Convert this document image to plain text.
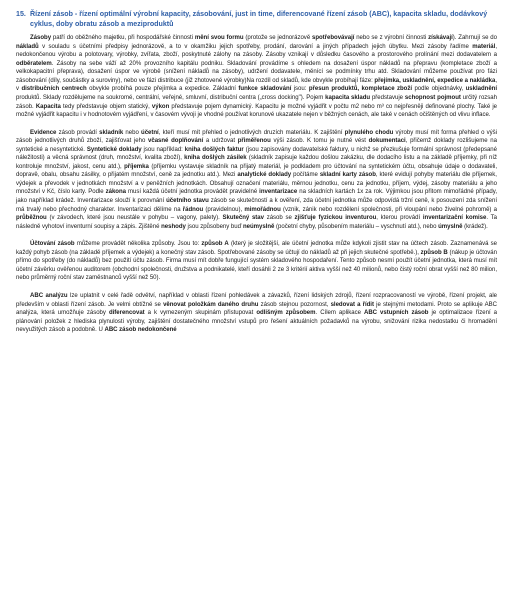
15. Řízení zásob - řízení optimální výrobní kapacity, zásobování, just in time, diferencované řízení zásob (ABC), kapacita skladu, dodávkový cyklus, doby obratu zásob a meziproduktů

Zásoby patří do oběžného majetku, při hospodářské činnosti mění svou formu (protože se jednorázově spotřebovávají nebo se z výrobní činnosti získávají). Zahrnují se do nákladů v souladu s účetními předpisy jednorázově, a to v okamžiku jejich spotřeby, prodání, darování a jiných případech jejich úbytku. Mezi zásoby řadíme materiál, nedokončenou výrobu a polotovary, výrobky, zvířata, zboží, poskytnuté zálohy na zásoby. Zásoby vznikají v důsledku časového a prostorového prolínání mezi dodavatelem a odběratelem. Zásoby na sebe váží až 20% provozního kapitálu podniku. Skladování provádíme s ohledem na dosažení úspor nákladů na přepravu (kompletace zboží a velkokapacitní přeprava), dosažení úspor ve výrobě (snížení nákladů na zásoby), udržení dodavatele, měnící se podmínky trhu atd. Skladování můžeme používat pro fázi zásobování (díly, součástky a suroviny), nebo ve fázi distribuce (již zhotovené výrobky)Na rozdíl od skladů, kde obvykle probíhají fáze: přejímka, uskladnění, expedice a nakládka, v distribučních centrech obvykle probíhá pouze přejímka a expedice. Základní funkce skladování jsou: přesun produktů, kompletace zboží podle objednávky, uskladnění produktů. Sklady rozdělujeme na soukromé, centrální, veřejné, smluvní, distribuční centra („cross docking"). Pojem kapacita skladu představuje schopnost pojmout určitý rozsah zásob. Kapacita tedy představuje objem statický, výkon představuje pojem dynamický. Kapacitu je možné vyjádřit v počtu m2 nebo m³ co nejpřesněji definované plochy. Také je možné vyjádřit kapacitu i v hodnotovém vyjádření, v časovém vývoji je vhodné používat korunové ukazatele nejen v běžných cenách, ale také v cenách očištěných od vlivu inflace.

Evidence zásob provádí skladník nebo účetní, kteří musí mít přehled o jednotlivých druzích materiálu. K zajištění plynulého chodu výroby musí mít forma přehled o výši zásob jednotlivých druhů zboží, zajišťovat jeho včasné doplňování a udržovat přiměřenou výši zásob. K tomu je nutné vést dokumentaci, přičemž doklady rozlišujeme na syntetické a nesyntetické. Syntetické doklady jsou například: kniha došlých faktur (jsou zapisovány dodavatelské faktury, u nichž se přezkušuje formální správnost (předepsané náležitosti) a věcná správnost (druh, množství, kvalita zboží), kniha došlých zásilek (skladník zapisuje každou došlou zakázku, dle dodacího listu a na základě příjemky, při níž kontroluje množství, jakost, cenu atd.), příjemka (příjemku vystavuje skladník na přijatý materiál, je podkladem pro účtování na syntetickém účtu, obsahuje údaje o dodavateli, dopravě, obalu, obsahu zásilky, o přijatém množství, ceně za jednotku atd.). Mezi analytické doklady počítáme skladní karty zásob, které evidují pohyby materiálu dle příjemek, výdejek a převodek v jednotkách množství a v peněžních jednotkách. Obsahují označení materiálu, měrnou jednotku, cenu za jednotku, příjem, výdej, zásoby materiálu a jeho množství v Kč, číslo karty. Podle zákona musí každá účetní jednotka provádět pravidelné inventarizace na skladních kartách 1x za rok. Výjimkou jsou přitom mimořádné případy, jako například krádež. Inventarizace slouží k porovnání účetního stavu zásob se skutečností a k ověření, zda účetní jednotka může odpovídá tržní ceně, k posouzení zda snížení má trvalý nebo přechodný charakter. Inventarizaci dělíme na řádnou (pravidelnou), mimořádnou (vznik, zánik nebo rozdělení společnosti, při vloupání nebo živelné pohromě) a průběžnou (v závodech, které jsou neustále v pohybu – vagony, palety). Skutečný stav zásob se zjišťuje fyzickou inventurou, kterou provádí inventarizační komise. Ta následně vyhotoví inventurní soupisy a zápis. Zjištěné neshody jsou způsobeny buď neúmyslně (početní chyby, působením materiálu – vyschnutí atd.), nebo úmyslně (krádež).

Účtování zásob můžeme provádět několika způsoby. Jsou to: způsob A (který je složitější, ale účetní jednotka může kdykoli zjistit stav na účtech zásob. Zaznamenává se každý pohyb zásob (na základě příjemek a výdejek) a konečný stav zásob. Spotřebované zásoby se účtují do nákladů až při jejich skutečné spotřebě.), způsob B (nákup je účtován přímo do spotřeby (do nákladů) bez použití účtu zásob. Firma musí mít dobře fungující systém skladového hospodaření. Tento způsob nesmí použít účetní jednotka, která musí mít účetní závěrku ověřenou auditorem (obchodní společnosti, družstva a podnikatelé, kteří dosáhli 2 ze 3 kritérií aktiva vyšší než 40 milionů, nebo čistý roční obrat vyšší než 80 milion, nebo průměrný roční stav zaměstnanců vyšší než 50).

ABC analýzu lze uplatnit v celé řadě odvětví, například v oblasti řízení pohledávek a závazků, řízení lidských zdrojů, řízení rozpracovaností ve výrobě, řízení projekt, ale především v oblasti řízení zásob. Je velmi obtížné se věnovat položkám daného druhu zásob stejnou pozornost, sledovat a řídit je stejnými metodami. Proto se aplikuje ABC analýza, která umožňuje zásoby diferencovat a k vymezeným skupinám přistupovat odlišným způsobem. Cílem aplikace ABC vstupních zásob je optimalizace řízení a plánování položek z hlediska plynulosti výroby, zajištění dostatečného množství vstupů pro řešení aktuálních požadavků na výrobu, snižování rizika nedostatku či hromadění nevyužitých zásob a podobně. U ABC zásob nedokončené
